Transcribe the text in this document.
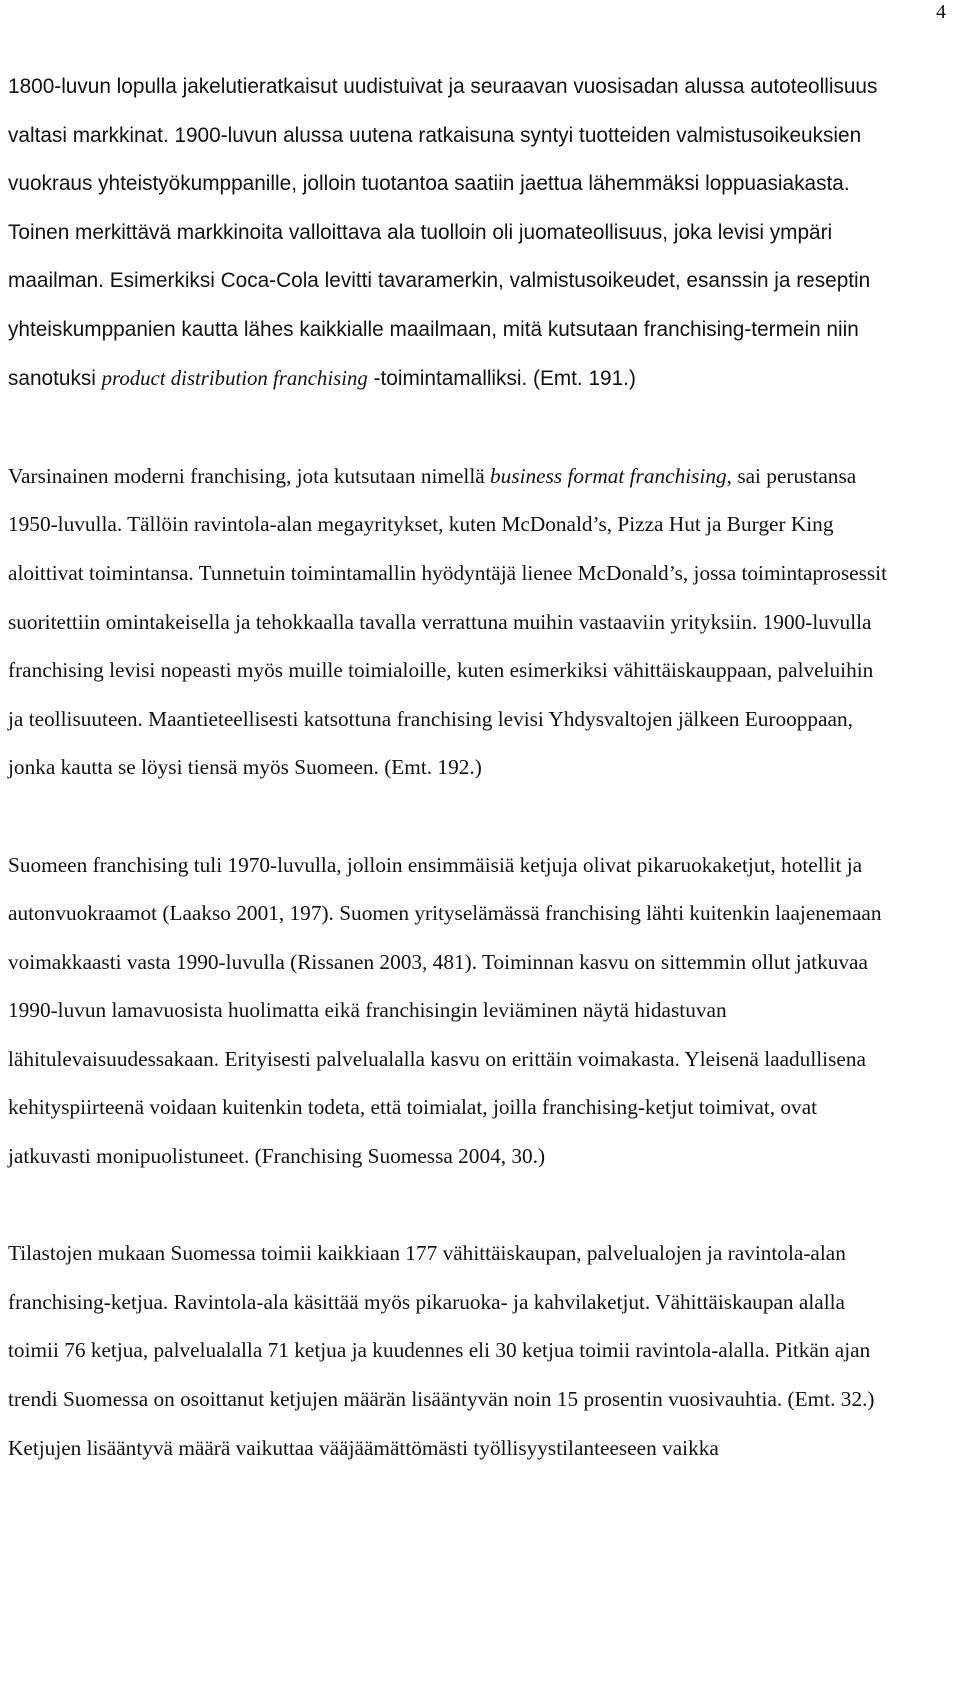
4

1800-luvun lopulla jakelutieratkaisut uudistuivat ja seuraavan vuosisadan alussa autoteollisuus valtasi markkinat. 1900-luvun alussa uutena ratkaisuna syntyi tuotteiden valmistusoikeuksien vuokraus yhteistyökumppanille, jolloin tuotantoa saatiin jaettua lähemmäksi loppuasiakasta. Toinen merkittävä markkinoita valloittava ala tuolloin oli juomateollisuus, joka levisi ympäri maailman. Esimerkiksi Coca-Cola levitti tavaramerkin, valmistusoikeudet, esanssin ja reseptin yhteiskumppanien kautta lähes kaikkialle maailmaan, mitä kutsutaan franchising-termein niin sanotuksi product distribution franchising -toimintamalliksi. (Emt. 191.)

Varsinainen moderni franchising, jota kutsutaan nimellä business format franchising, sai perustansa 1950-luvulla. Tällöin ravintola-alan megayritykset, kuten McDonald’s, Pizza Hut ja Burger King aloittivat toimintansa. Tunnetuin toimintamallin hyödyntäjä lienee McDonald’s, jossa toimintaprosessit suoritettiin omintakeisella ja tehokkaalla tavalla verrattuna muihin vastaaviin yrityksiin. 1900-luvulla franchising levisi nopeasti myös muille toimialoille, kuten esimerkiksi vähittäiskauppaan, palveluihin ja teollisuuteen. Maantieteellisesti katsottuna franchising levisi Yhdysvaltojen jälkeen Eurooppaan, jonka kautta se löysi tiensä myös Suomeen. (Emt. 192.)

Suomeen franchising tuli 1970-luvulla, jolloin ensimmäisiä ketjuja olivat pikaruokaketjut, hotellit ja autonvuokraamot (Laakso 2001, 197). Suomen yrityselämässä franchising lähti kuitenkin laajenemaan voimakkaasti vasta 1990-luvulla (Rissanen 2003, 481). Toiminnan kasvu on sittemmin ollut jatkuvaa 1990-luvun lamavuosista huolimatta eikä franchisingin leviäminen näytä hidastuvan lähitulevaisuudessakaan. Erityisesti palvelualalla kasvu on erittäin voimakasta. Yleisenä laadullisena kehityspiirteenä voidaan kuitenkin todeta, että toimialat, joilla franchising-ketjut toimivat, ovat jatkuvasti monipuolistuneet. (Franchising Suomessa 2004, 30.)

Tilastojen mukaan Suomessa toimii kaikkiaan 177 vähittäiskaupan, palvelualojen ja ravintola-alan franchising-ketjua. Ravintola-ala käsittää myös pikaruoka- ja kahvilaketjut. Vähittäiskaupan alalla toimii 76 ketjua, palvelualalla 71 ketjua ja kuudennes eli 30 ketjua toimii ravintola-alalla. Pitkän ajan trendi Suomessa on osoittanut ketjujen määrän lisääntyvän noin 15 prosentin vuosivauhtia. (Emt. 32.) Ketjujen lisääntyvä määrä vaikuttaa vääjäämättömästi työllisyystilanteeseen vaikka
